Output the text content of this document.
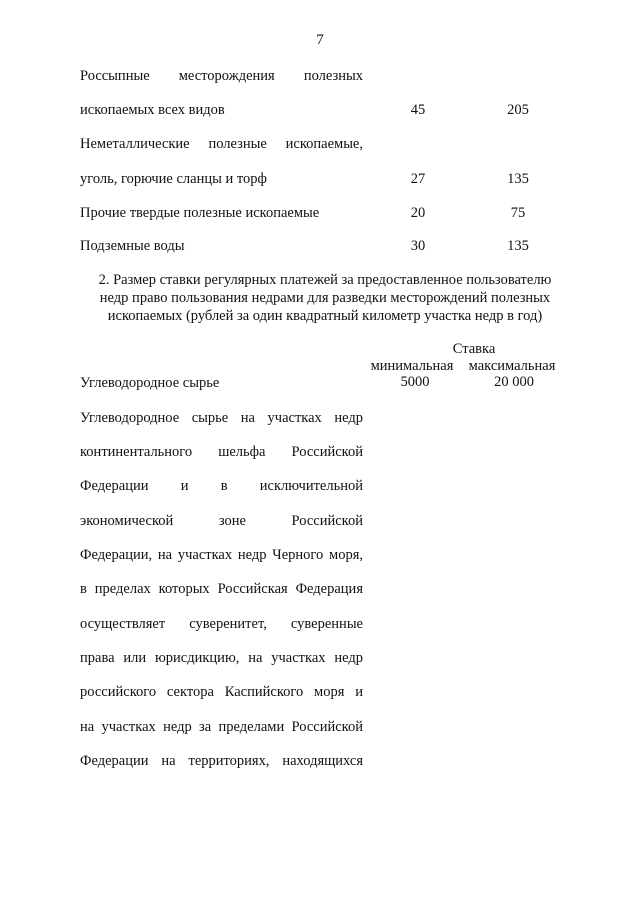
7
Россыпные месторождения полезных
ископаемых всех видов	45	205
Неметаллические полезные ископаемые,
уголь, горючие сланцы и торф	27	135
Прочие твердые полезные ископаемые	20	75
Подземные воды	30	135
2. Размер ставки регулярных платежей за предоставленное пользователю
недр право пользования недрами для разведки месторождений полезных
ископаемых (рублей за один квадратный километр участка недр в год)
Ставка
минимальная	максимальная
Углеводородное сырье	5000	20 000
Углеводородное сырье на участках недр
континентального шельфа Российской
Федерации и в исключительной
экономической зоне Российской
Федерации, на участках недр Черного моря,
в пределах которых Российская Федерация
осуществляет суверенитет, суверенные
права или юрисдикцию, на участках недр
российского сектора Каспийского моря и
на участках недр за пределами Российской
Федерации на территориях, находящихся
